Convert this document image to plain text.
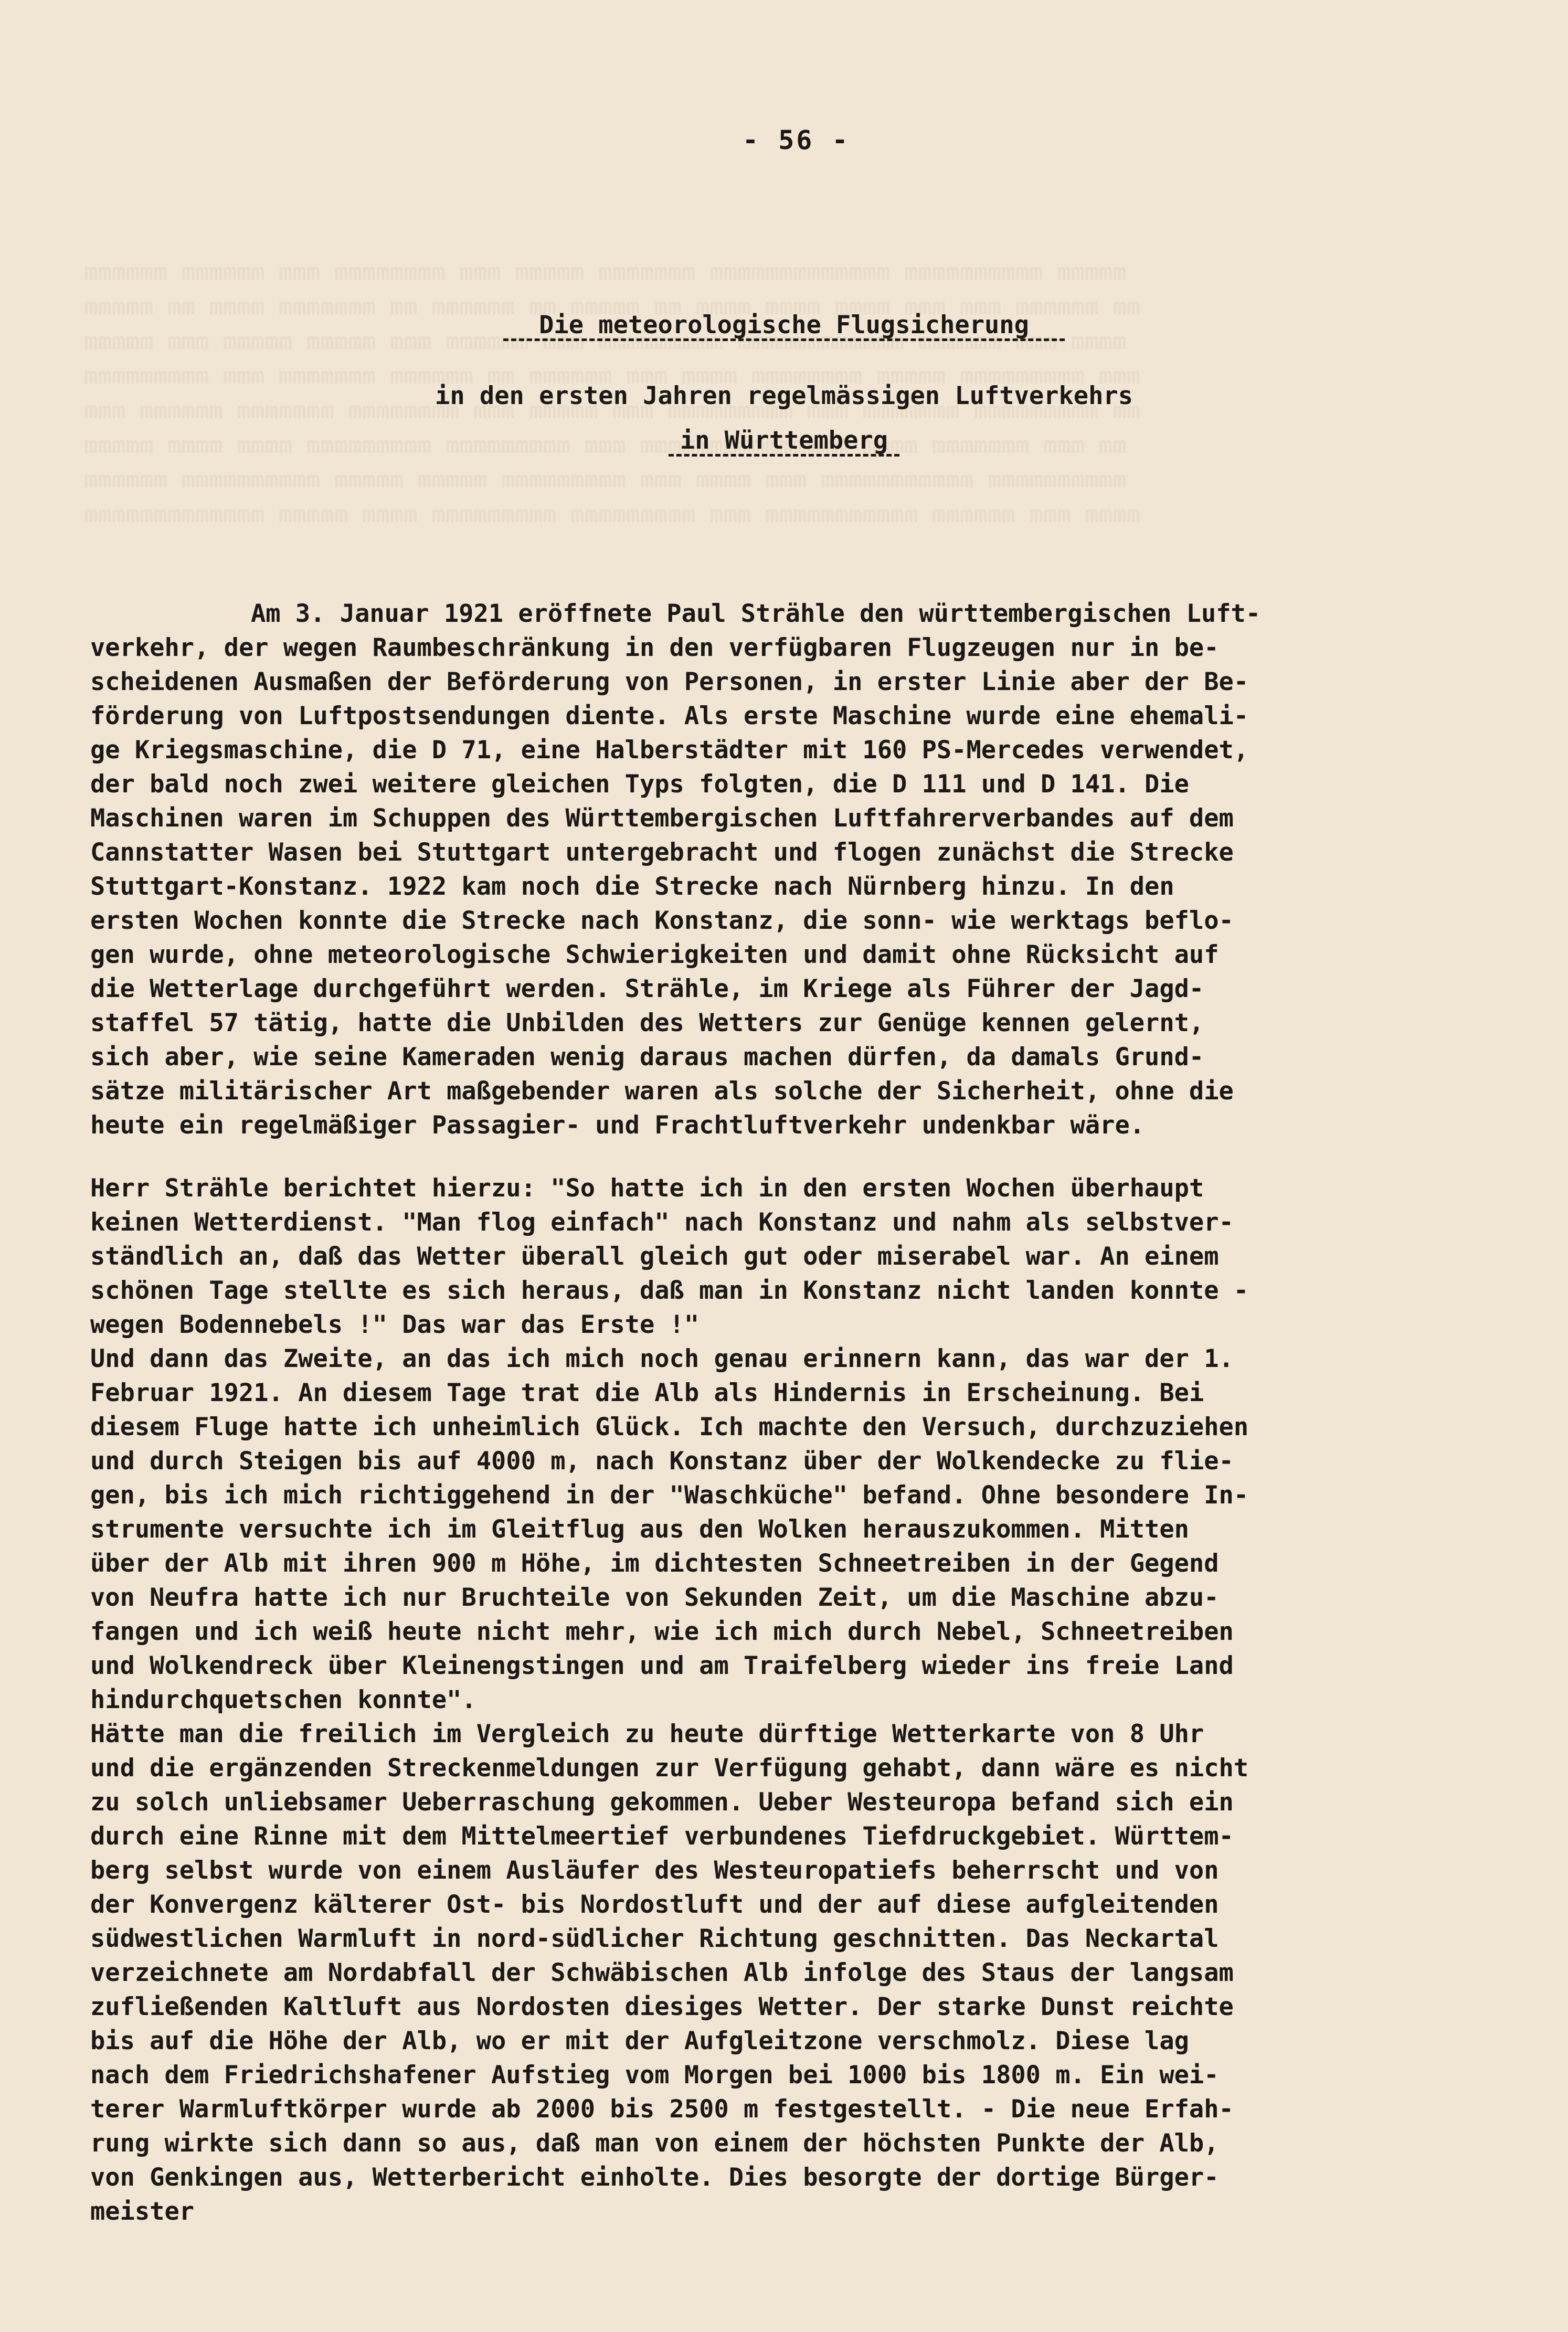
- 56 -
Die meteorologische Flugsicherung
in den ersten Jahren regelmässigen Luftverkehrs
in Württemberg
Am 3. Januar 1921 eröffnete Paul Strähle den württembergischen Luft-
verkehr, der wegen Raumbeschränkung in den verfügbaren Flugzeugen nur in be-
scheidenen Ausmaßen der Beförderung von Personen, in erster Linie aber der Be-
förderung von Luftpostsendungen diente. Als erste Maschine wurde eine ehemali-
ge Kriegsmaschine, die D 71, eine Halberstädter mit 160 PS-Mercedes verwendet,
der bald noch zwei weitere gleichen Typs folgten, die D 111 und D 141. Die
Maschinen waren im Schuppen des Württembergischen Luftfahrerverbandes auf dem
Cannstatter Wasen bei Stuttgart untergebracht und flogen zunächst die Strecke
Stuttgart-Konstanz. 1922 kam noch die Strecke nach Nürnberg hinzu. In den
ersten Wochen konnte die Strecke nach Konstanz, die sonn- wie werktags beflo-
gen wurde, ohne meteorologische Schwierigkeiten und damit ohne Rücksicht auf
die Wetterlage durchgeführt werden. Strähle, im Kriege als Führer der Jagd-
staffel 57 tätig, hatte die Unbilden des Wetters zur Genüge kennen gelernt,
sich aber, wie seine Kameraden wenig daraus machen dürfen, da damals Grund-
sätze militärischer Art maßgebender waren als solche der Sicherheit, ohne die
heute ein regelmäßiger Passagier- und Frachtluftverkehr undenkbar wäre.
Herr Strähle berichtet hierzu: "So hatte ich in den ersten Wochen überhaupt
keinen Wetterdienst. "Man flog einfach" nach Konstanz und nahm als selbstver-
ständlich an, daß das Wetter überall gleich gut oder miserabel war. An einem
schönen Tage stellte es sich heraus, daß man in Konstanz nicht landen konnte -
wegen Bodennebels !" Das war das Erste !"
Und dann das Zweite, an das ich mich noch genau erinnern kann, das war der 1.
Februar 1921. An diesem Tage trat die Alb als Hindernis in Erscheinung. Bei
diesem Fluge hatte ich unheimlich Glück. Ich machte den Versuch, durchzuziehen
und durch Steigen bis auf 4000 m, nach Konstanz über der Wolkendecke zu flie-
gen, bis ich mich richtiggehend in der "Waschküche" befand. Ohne besondere In-
strumente versuchte ich im Gleitflug aus den Wolken herauszukommen. Mitten
über der Alb mit ihren 900 m Höhe, im dichtesten Schneetreiben in der Gegend
von Neufra hatte ich nur Bruchteile von Sekunden Zeit, um die Maschine abzu-
fangen und ich weiß heute nicht mehr, wie ich mich durch Nebel, Schneetreiben
und Wolkendreck über Kleinengstingen und am Traifelberg wieder ins freie Land
hindurchquetschen konnte".
Hätte man die freilich im Vergleich zu heute dürftige Wetterkarte von 8 Uhr
und die ergänzenden Streckenmeldungen zur Verfügung gehabt, dann wäre es nicht
zu solch unliebsamer Ueberraschung gekommen. Ueber Westeuropa befand sich ein
durch eine Rinne mit dem Mittelmeertief verbundenes Tiefdruckgebiet. Württem-
berg selbst wurde von einem Ausläufer des Westeuropatiefs beherrscht und von
der Konvergenz kälterer Ost- bis Nordostluft und der auf diese aufgleitenden
südwestlichen Warmluft in nord-südlicher Richtung geschnitten. Das Neckartal
verzeichnete am Nordabfall der Schwäbischen Alb infolge des Staus der langsam
zufließenden Kaltluft aus Nordosten diesiges Wetter. Der starke Dunst reichte
bis auf die Höhe der Alb, wo er mit der Aufgleitzone verschmolz. Diese lag
nach dem Friedrichshafener Aufstieg vom Morgen bei 1000 bis 1800 m. Ein wei-
terer Warmluftkörper wurde ab 2000 bis 2500 m festgestellt. - Die neue Erfah-
rung wirkte sich dann so aus, daß man von einem der höchsten Punkte der Alb,
von Genkingen aus, Wetterbericht einholte. Dies besorgte der dortige Bürger-
meister
